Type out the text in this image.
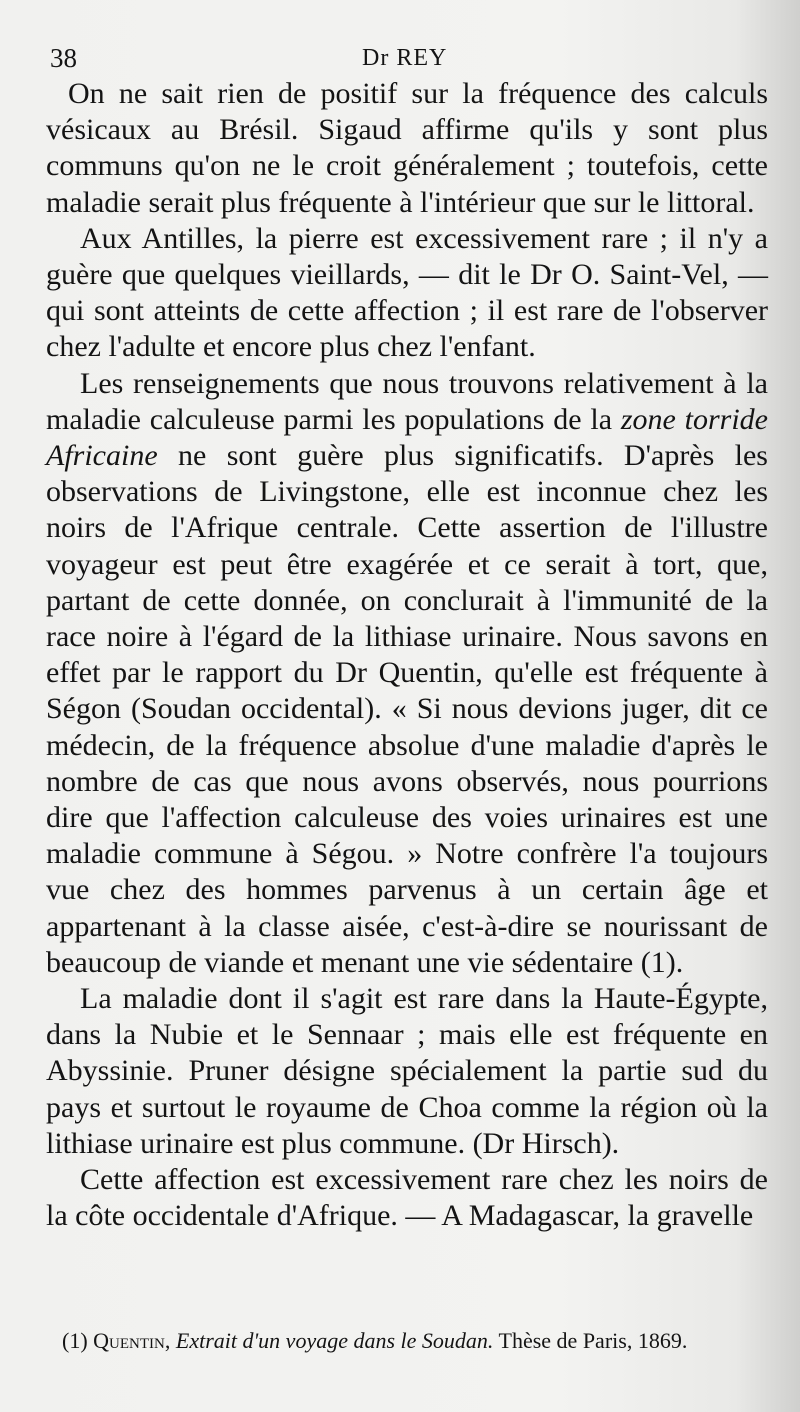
38	Dr REY

On ne sait rien de positif sur la fréquence des calculs vésicaux au Brésil. Sigaud affirme qu'ils y sont plus communs qu'on ne le croit généralement ; toutefois, cette maladie serait plus fréquente à l'intérieur que sur le littoral.

Aux Antilles, la pierre est excessivement rare ; il n'y a guère que quelques vieillards, — dit le Dr O. Saint-Vel, — qui sont atteints de cette affection ; il est rare de l'observer chez l'adulte et encore plus chez l'enfant.

Les renseignements que nous trouvons relativement à la maladie calculeuse parmi les populations de la zone torride Africaine ne sont guère plus significatifs. D'après les observations de Livingstone, elle est inconnue chez les noirs de l'Afrique centrale. Cette assertion de l'illustre voyageur est peut être exagérée et ce serait à tort, que, partant de cette donnée, on conclurait à l'immunité de la race noire à l'égard de la lithiase urinaire. Nous savons en effet par le rapport du Dr Quentin, qu'elle est fréquente à Ségon (Soudan occidental). « Si nous devions juger, dit ce médecin, de la fréquence absolue d'une maladie d'après le nombre de cas que nous avons observés, nous pourrions dire que l'affection calculeuse des voies urinaires est une maladie commune à Ségou. » Notre confrère l'a toujours vue chez des hommes parvenus à un certain âge et appartenant à la classe aisée, c'est-à-dire se nourissant de beaucoup de viande et menant une vie sédentaire (1).

La maladie dont il s'agit est rare dans la Haute-Égypte, dans la Nubie et le Sennaar ; mais elle est fréquente en Abyssinie. Pruner désigne spécialement la partie sud du pays et surtout le royaume de Choa comme la région où la lithiase urinaire est plus commune. (Dr Hirsch).

Cette affection est excessivement rare chez les noirs de la côte occidentale d'Afrique. — A Madagascar, la gravelle

(1) Quentin, Extrait d'un voyage dans le Soudan. Thèse de Paris, 1869.
